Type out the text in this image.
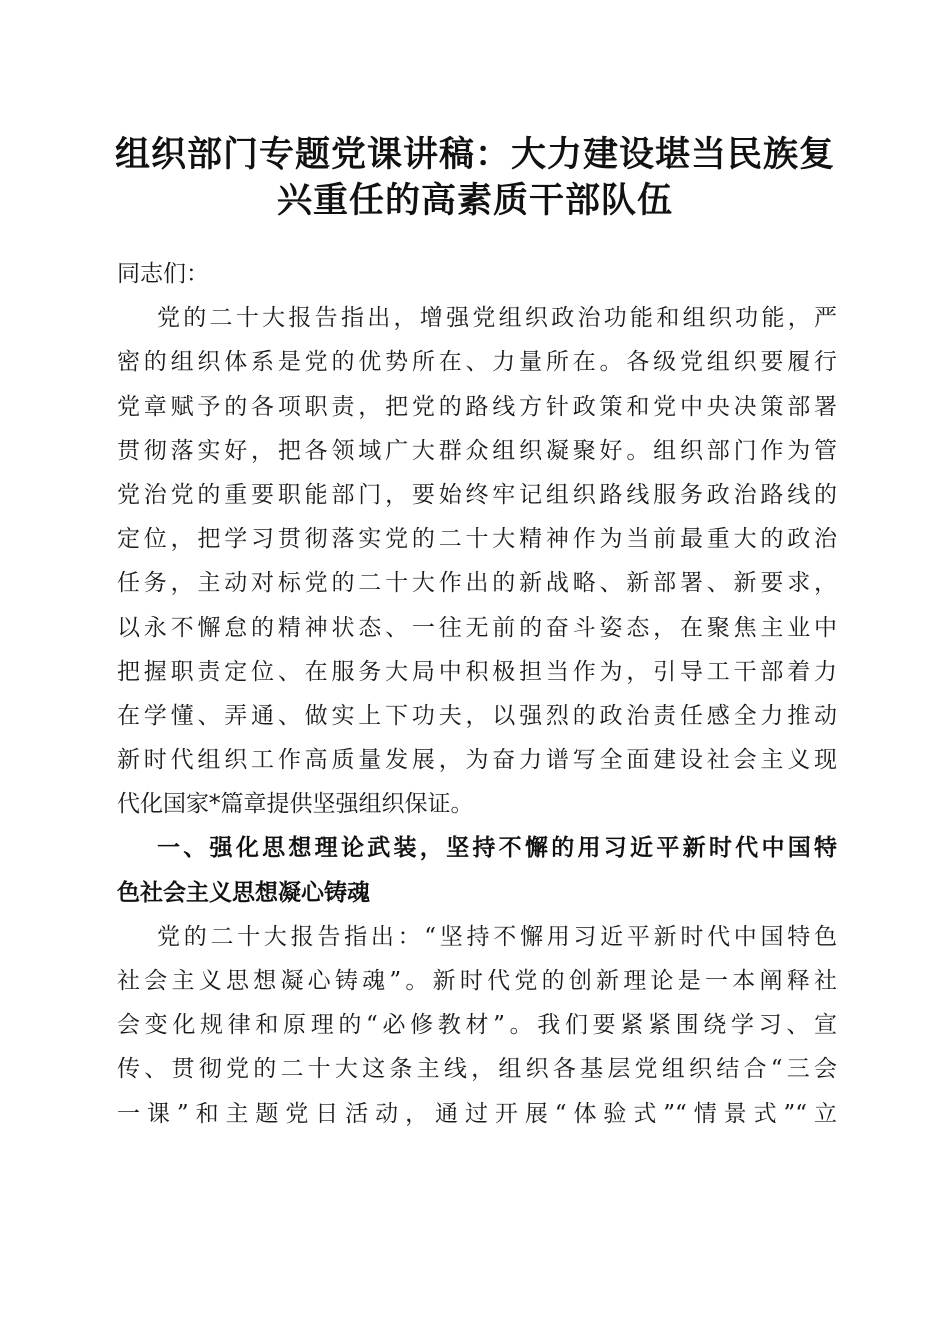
组织部门专题党课讲稿：大力建设堪当民族复
兴重任的高素质干部队伍
同志们：
党的二十大报告指出，增强党组织政治功能和组织功能，严
密的组织体系是党的优势所在、力量所在。各级党组织要履行
党章赋予的各项职责，把党的路线方针政策和党中央决策部署
贯彻落实好，把各领域广大群众组织凝聚好。组织部门作为管
党治党的重要职能部门，要始终牢记组织路线服务政治路线的
定位，把学习贯彻落实党的二十大精神作为当前最重大的政治
任务，主动对标党的二十大作出的新战略、新部署、新要求，
以永不懈怠的精神状态、一往无前的奋斗姿态，在聚焦主业中
把握职责定位、在服务大局中积极担当作为，引导工干部着力
在学懂、弄通、做实上下功夫，以强烈的政治责任感全力推动
新时代组织工作高质量发展，为奋力谱写全面建设社会主义现
代化国家*篇章提供坚强组织保证。
一、强化思想理论武装，坚持不懈的用习近平新时代中国特
色社会主义思想凝心铸魂
党的二十大报告指出：“坚持不懈用习近平新时代中国特色
社会主义思想凝心铸魂”。新时代党的创新理论是一本阐释社
会变化规律和原理的“必修教材”。我们要紧紧围绕学习、宣
传、贯彻党的二十大这条主线，组织各基层党组织结合“三会
一课”和主题党日活动，通过开展“体验式”“情景式”“立
